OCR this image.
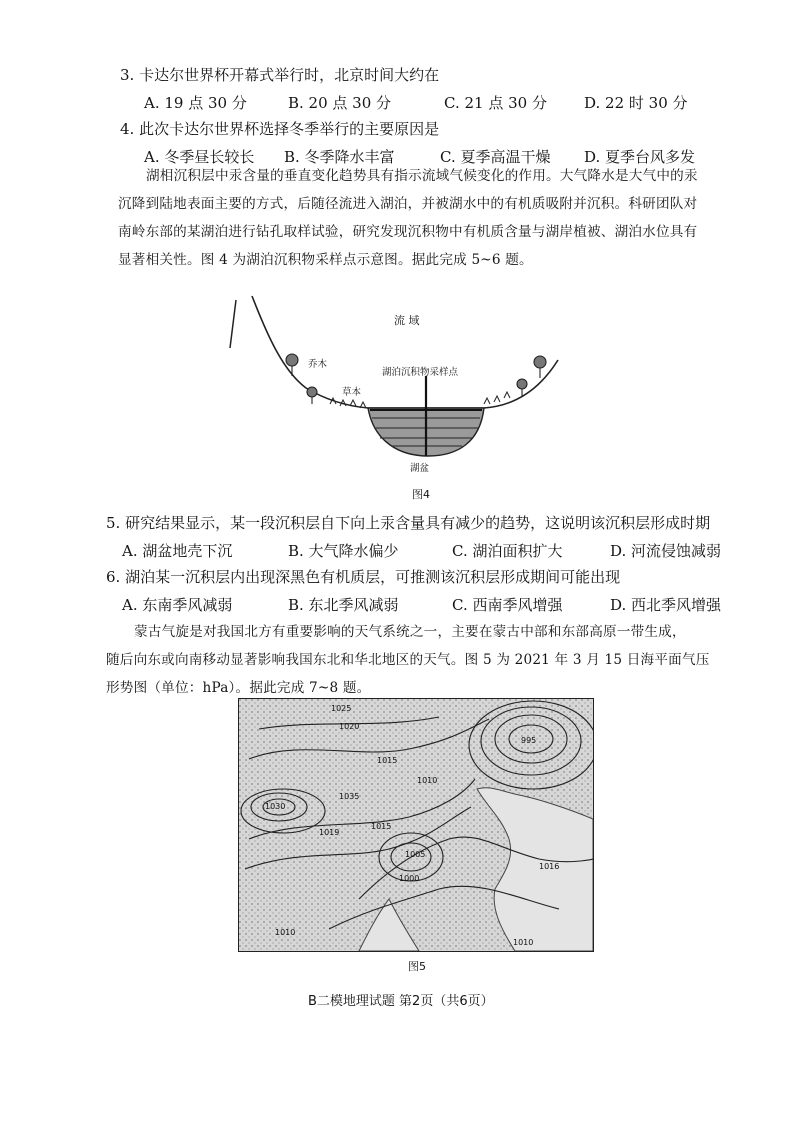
3. 卡达尔世界杯开幕式举行时，北京时间大约在
A. 19 点 30 分	B. 20 点 30 分	C. 21 点 30 分 D. 22 时 30 分
4. 此次卡达尔世界杯选择冬季举行的主要原因是
A. 冬季昼长较长 B. 冬季降水丰富	C. 夏季高温干燥 D. 夏季台风多发
湖相沉积层中汞含量的垂直变化趋势具有指示流域气候变化的作用。大气降水是大气中的汞
沉降到陆地表面主要的方式，后随径流进入湖泊，并被湖水中的有机质吸附并沉积。科研团队对
南岭东部的某湖泊进行钻孔取样试验，研究发现沉积物中有机质含量与湖岸植被、湖泊水位具有
显著相关性。图 4 为湖泊沉积物采样点示意图。据此完成 5~6 题。
流 域
乔木
草本
湖泊沉积物采样点
湖盆
图4
5. 研究结果显示，某一段沉积层自下向上汞含量具有减少的趋势，这说明该沉积层形成时期
A. 湖盆地壳下沉	B. 大气降水偏少	C. 湖泊面积扩大	D. 河流侵蚀减弱
6. 湖泊某一沉积层内出现深黑色有机质层，可推测该沉积层形成期间可能出现
A. 东南季风减弱	B. 东北季风减弱	C. 西南季风增强	D. 西北季风增强
蒙古气旋是对我国北方有重要影响的天气系统之一，主要在蒙古中部和东部高原一带生成，
随后向东或向南移动显著影响我国东北和华北地区的天气。图 5 为 2021 年 3 月 15 日海平面气压
形势图（单位：hPa）。据此完成 7~8 题。
1025
1020
1015
1010
1005
995
1030
1035
1019
1015
1000
1010
1016
1010
图5
B二模地理试题 第2页（共6页）
